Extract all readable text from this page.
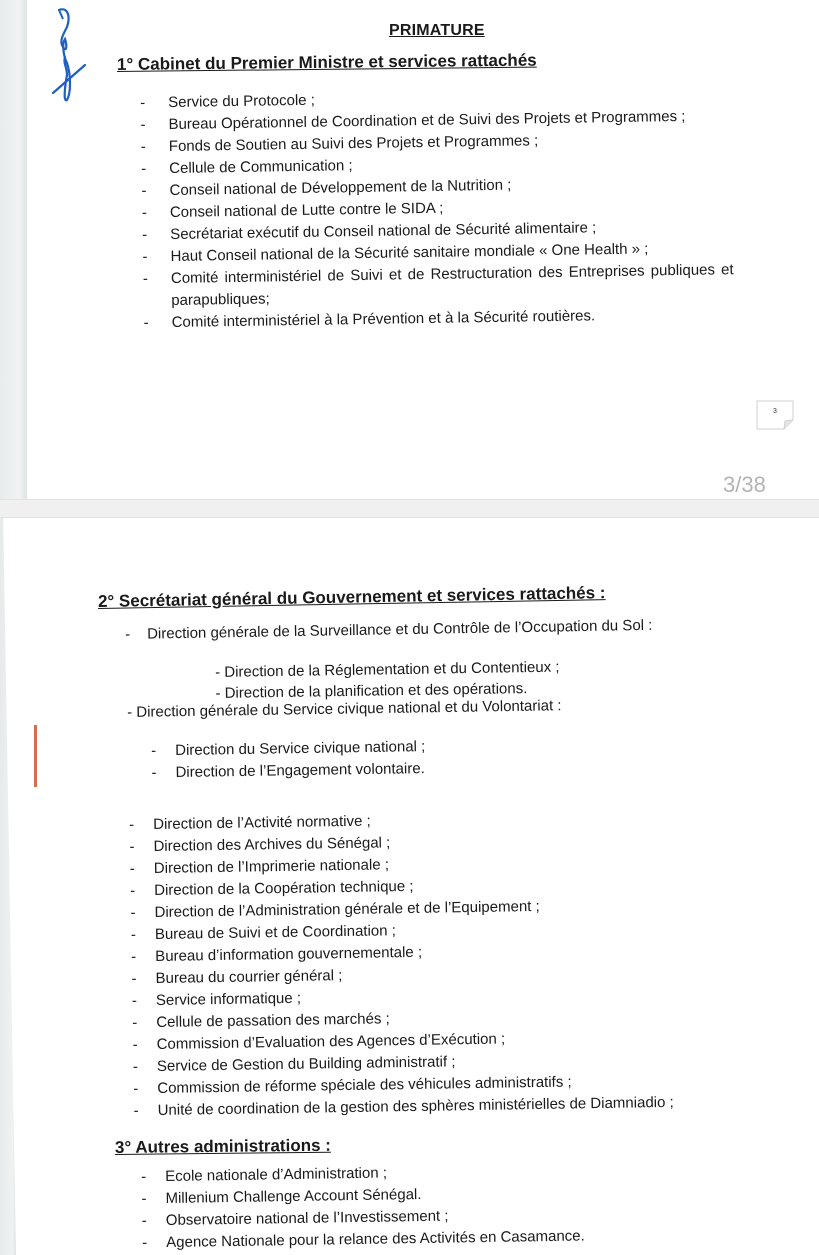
PRIMATURE
1° Cabinet du Premier Ministre et services rattachés
- Service du Protocole ;
- Bureau Opérationnel de Coordination et de Suivi des Projets et Programmes ;
- Fonds de Soutien au Suivi des Projets et Programmes ;
- Cellule de Communication ;
- Conseil national de Développement de la Nutrition ;
- Conseil national de Lutte contre le SIDA ;
- Secrétariat exécutif du Conseil national de Sécurité alimentaire ;
- Haut Conseil national de la Sécurité sanitaire mondiale « One Health » ;
- Comité interministériel de Suivi et de Restructuration des Entreprises publiques et
parapubliques;
- Comité interministériel à la Prévention et à la Sécurité routières.
3
3/38
2° Secrétariat général du Gouvernement et services rattachés :
- Direction générale de la Surveillance et du Contrôle de l’Occupation du Sol :
- Direction de la Réglementation et du Contentieux ;
- Direction de la planification et des opérations.
- Direction générale du Service civique national et du Volontariat :
- Direction du Service civique national ;
- Direction de l’Engagement volontaire.
- Direction de l’Activité normative ;
- Direction des Archives du Sénégal ;
- Direction de l’Imprimerie nationale ;
- Direction de la Coopération technique ;
- Direction de l’Administration générale et de l’Equipement ;
- Bureau de Suivi et de Coordination ;
- Bureau d’information gouvernementale ;
- Bureau du courrier général ;
- Service informatique ;
- Cellule de passation des marchés ;
- Commission d’Evaluation des Agences d’Exécution ;
- Service de Gestion du Building administratif ;
- Commission de réforme spéciale des véhicules administratifs ;
- Unité de coordination de la gestion des sphères ministérielles de Diamniadio ;
3° Autres administrations :
- Ecole nationale d’Administration ;
- Millenium Challenge Account Sénégal.
- Observatoire national de l’Investissement ;
- Agence Nationale pour la relance des Activités en Casamance.
